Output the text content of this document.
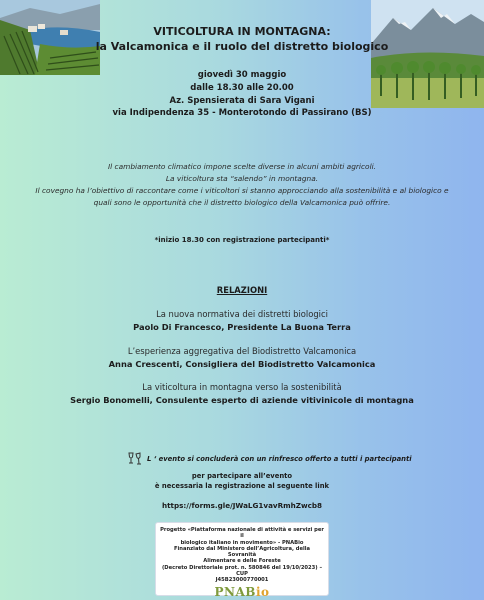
VITICOLTURA IN MONTAGNA:
la Valcamonica e il ruolo del distretto biologico
giovedì 30 maggio
dalle 18.30 alle 20.00
Az. Spensierata di Sara Vigani
via Indipendenza 35 - Monterotondo di Passirano (BS)
Il cambiamento climatico impone scelte diverse in alcuni ambiti agricoli.
La viticoltura sta “salendo” in montagna.
Il covegno ha l’obiettivo di raccontare come i viticoltori si stanno approcciando alla sostenibilità e al biologico e
quali sono le opportunità che il distretto biologico della Valcamonica può offrire.
*inizio 18.30 con registrazione partecipanti*
RELAZIONI
La nuova normativa dei distretti biologici
Paolo Di Francesco, Presidente La Buona Terra
L’esperienza aggregativa del Biodistretto Valcamonica
Anna Crescenti, Consigliera del Biodistretto Valcamonica
La viticoltura in montagna verso la sostenibilità
Sergio Bonomelli, Consulente esperto di aziende vitivinicole di montagna
L ‘ evento si concluderà con un rinfresco offerto a tutti i partecipanti
per partecipare all’evento
è necessaria la registrazione al seguente link
https://forms.gle/JWaLG1vavRmhZwcb8
Progetto «Piattaforma nazionale di attività e servizi per il
biologico italiano in movimento» - PNABio
Finanziato dal Ministero dell’Agricoltura, della Sovranità
Alimentare e delle Foreste
(Decreto Direttoriale prot. n. 580846 del 19/10/2023) – CUP
J45B23000770001
PNABio
